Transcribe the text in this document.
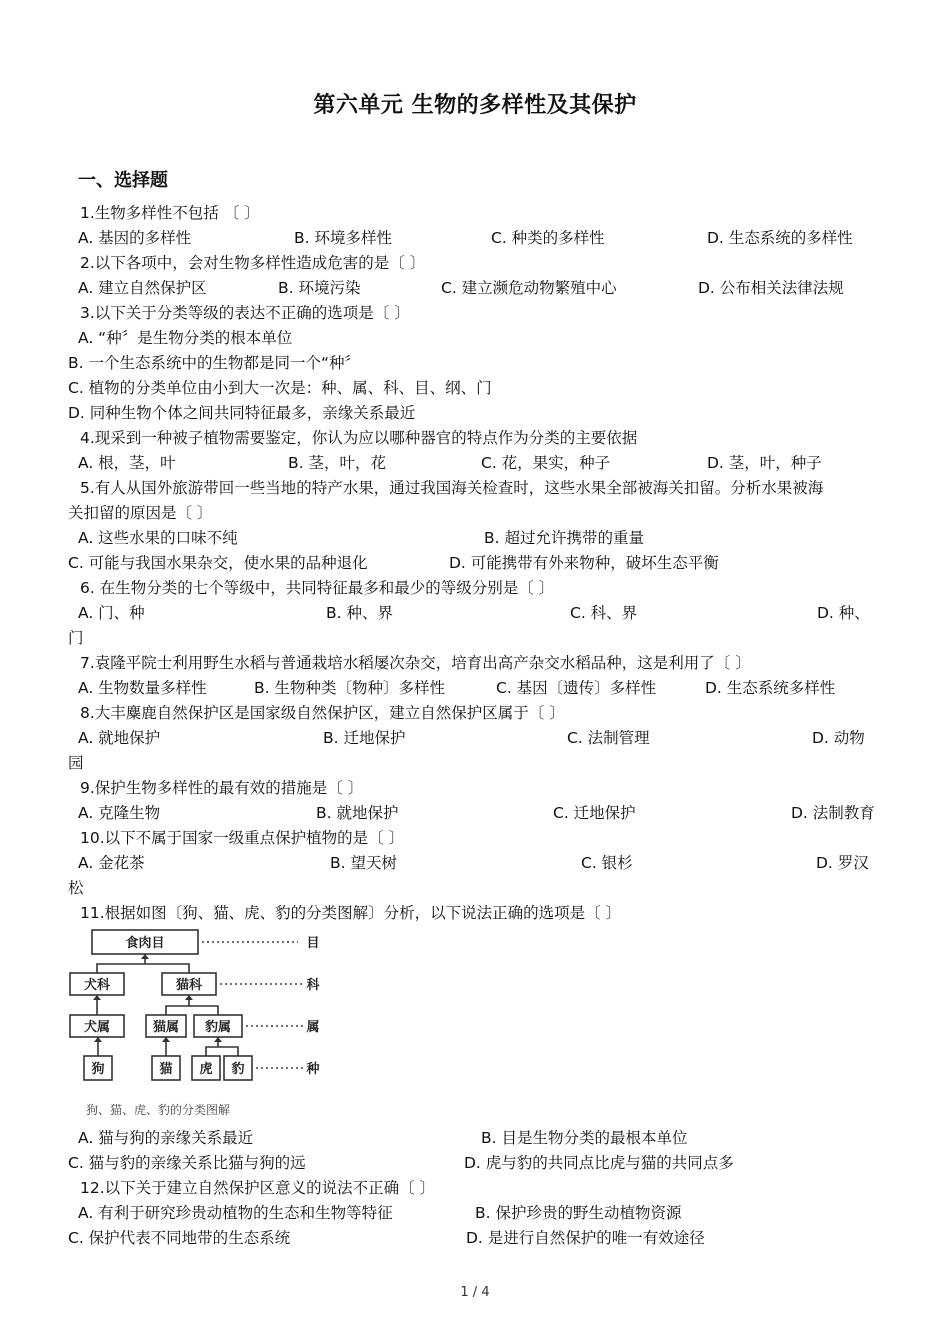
第六单元 生物的多样性及其保护
一、选择题
1.生物多样性不包括 〔 〕
A. 基因的多样性	B. 环境多样性	C. 种类的多样性	D. 生态系统的多样性
2.以下各项中，会对生物多样性造成危害的是〔 〕
A. 建立自然保护区	B. 环境污染	C. 建立濒危动物繁殖中心	D. 公布相关法律法规
3.以下关于分类等级的表达不正确的选项是〔 〕
A. “种〞是生物分类的根本单位
B. 一个生态系统中的生物都是同一个“种〞
C. 植物的分类单位由小到大一次是：种、属、科、目、纲、门
D. 同种生物个体之间共同特征最多，亲缘关系最近
4.现采到一种被子植物需要鉴定，你认为应以哪种器官的特点作为分类的主要依据
A. 根，茎，叶	B. 茎，叶，花	C. 花，果实，种子	D. 茎，叶，种子
5.有人从国外旅游带回一些当地的特产水果，通过我国海关检查时，这些水果全部被海关扣留。分析水果被海
关扣留的原因是〔 〕
A. 这些水果的口味不纯	B. 超过允许携带的重量
C. 可能与我国水果杂交，使水果的品种退化	D. 可能携带有外来物种，破坏生态平衡
6. 在生物分类的七个等级中，共同特征最多和最少的等级分别是〔 〕
A. 门、种	B. 种、界	C. 科、界	D. 种、
门
7.袁隆平院士利用野生水稻与普通栽培水稻屡次杂交，培育出高产杂交水稻品种，这是利用了〔 〕
A. 生物数量多样性	B. 生物种类〔物种〕多样性	C. 基因〔遗传〕多样性	D. 生态系统多样性
8.大丰麋鹿自然保护区是国家级自然保护区，建立自然保护区属于〔 〕
A. 就地保护	B. 迁地保护	C. 法制管理	D. 动物
园
9.保护生物多样性的最有效的措施是〔 〕
A. 克隆生物	B. 就地保护	C. 迁地保护	D. 法制教育
10.以下不属于国家一级重点保护植物的是〔 〕
A. 金花茶	B. 望天树	C. 银杉	D. 罗汉
松
11.根据如图〔狗、猫、虎、豹的分类图解〕分析，以下说法正确的选项是〔 〕
食肉目
犬科	猫科
犬属	猫属 豹属
狗	猫 虎 豹
目
科
属
种
狗、猫、虎、豹的分类图解
A. 猫与狗的亲缘关系最近	B. 目是生物分类的最根本单位
C. 猫与豹的亲缘关系比猫与狗的远	D. 虎与豹的共同点比虎与猫的共同点多
12.以下关于建立自然保护区意义的说法不正确〔 〕
A. 有利于研究珍贵动植物的生态和生物等特征	B. 保护珍贵的野生动植物资源
C. 保护代表不同地带的生态系统	D. 是进行自然保护的唯一有效途径
1 / 4
